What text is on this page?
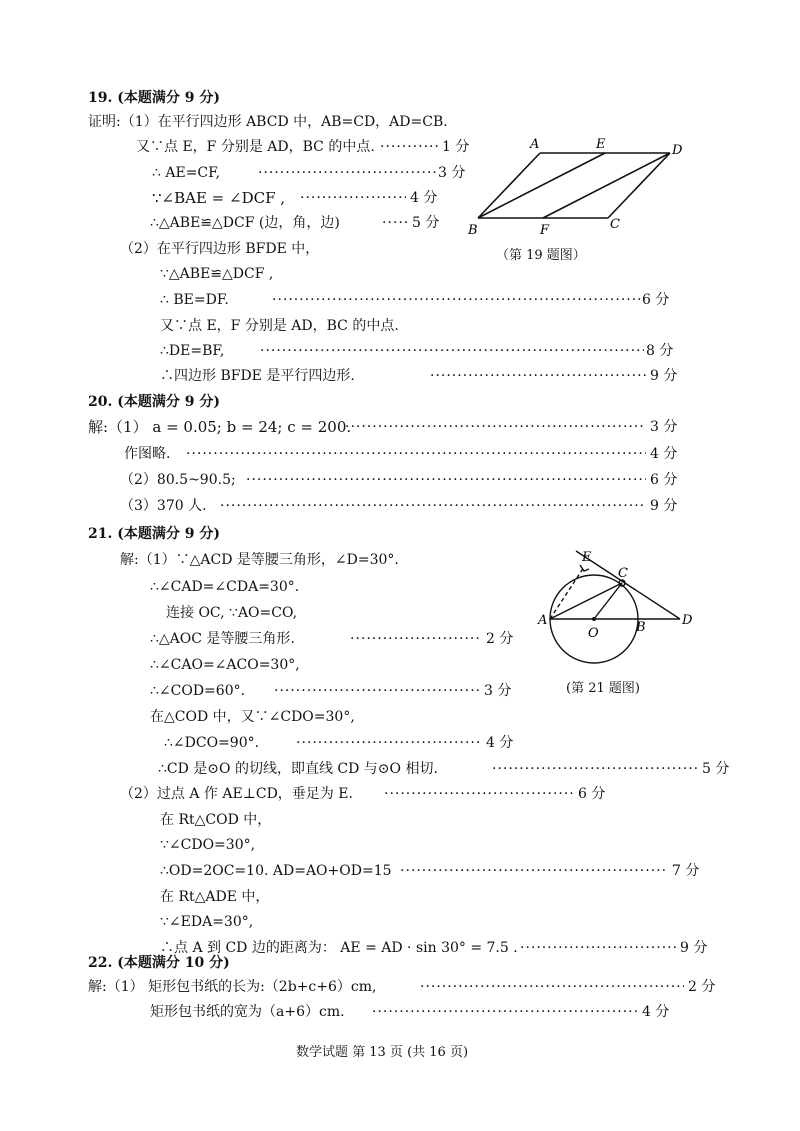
19. (本题满分 9 分)
证明:（1）在平行四边形 ABCD 中，AB=CD，AD=CB.
又∵点 E，F 分别是 AD，BC 的中点. ·····	1 分
∴ AE=CF, ·····	3 分
∵∠BAE = ∠DCF , ·····	4 分
∴△ABE≌△DCF (边，角，边) ·····	5 分
（2）在平行四边形 BFDE 中，
∵△ABE≌△DCF ,
∴ BE=DF. ·····	6 分
又∵点 E，F 分别是 AD，BC 的中点.
∴DE=BF, ·····	8 分
∴四边形 BFDE 是平行四边形. ·····	9 分
A	E	D
B	F	C
（第 19 题图）
20. (本题满分 9 分)
解:（1） a = 0.05; b = 24; c = 200. ·····	3 分
作图略. ·····	4 分
（2）80.5~90.5; ·····	6 分
（3）370 人. ·····	9 分
21. (本题满分 9 分)
解:（1）∵△ACD 是等腰三角形，∠D=30°.
∴∠CAD=∠CDA=30°.
连接 OC, ∵AO=CO,
∴△AOC 是等腰三角形. ·····	2 分
∴∠CAO=∠ACO=30°,
∴∠COD=60°. ·····	3 分
在△COD 中，又∵∠CDO=30°,
∴∠DCO=90°. ·····	4 分
∴CD 是⊙O 的切线，即直线 CD 与⊙O 相切. ·····	5 分
（2）过点 A 作 AE⊥CD，垂足为 E. ·····	6 分
在 Rt△COD 中，
∵∠CDO=30°,
∴OD=2OC=10. AD=AO+OD=15 ·····	7 分
在 Rt△ADE 中，
∵∠EDA=30°,
∴点 A 到 CD 边的距离为： AE = AD · sin 30° = 7.5 . ·····	9 分
E
C
A
O	B	D
(第 21 题图)
22. (本题满分 10 分)
解:（1） 矩形包书纸的长为:（2b+c+6）cm, ·····	2 分
矩形包书纸的宽为（a+6）cm. ·····	4 分
数学试题 第 13 页 (共 16 页)
